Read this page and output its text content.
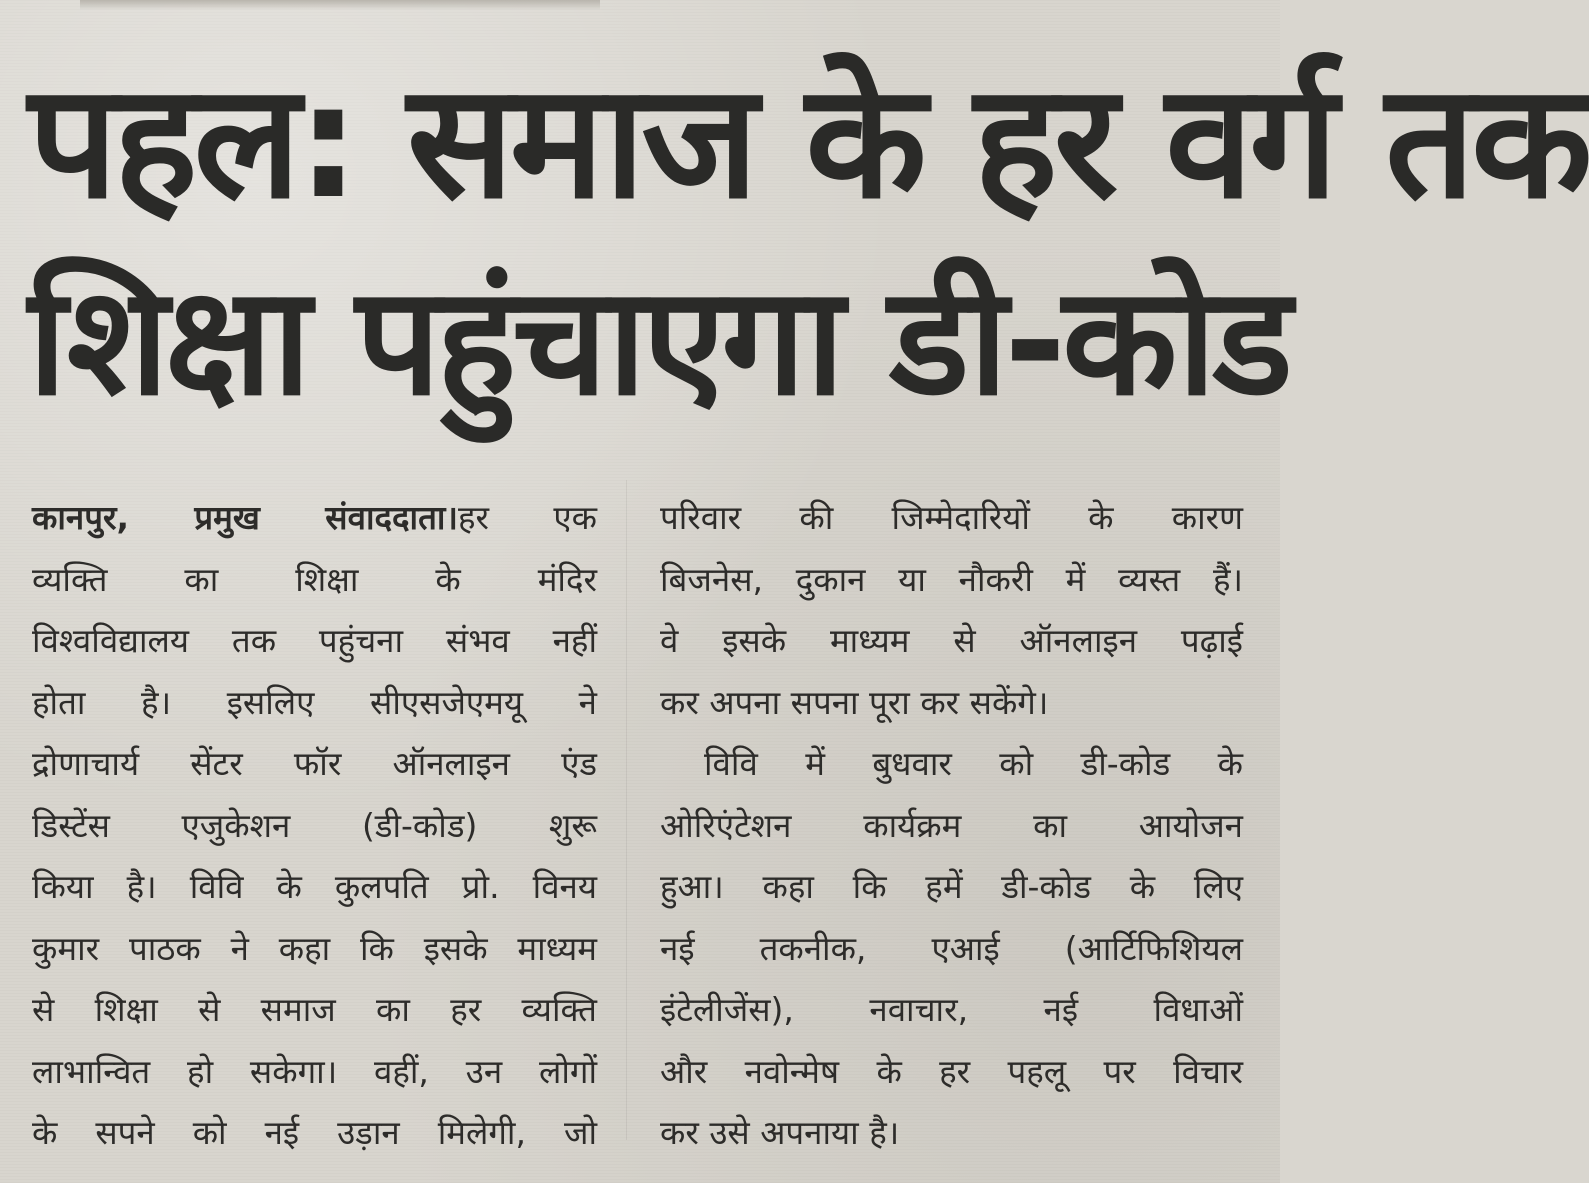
पहल: समाज के हर वर्ग तक
शिक्षा पहुंचाएगा डी-कोड
कानपुर, प्रमुख संवाददाता।हर एक
व्यक्ति का शिक्षा के मंदिर
विश्वविद्यालय तक पहुंचना संभव नहीं
होता है। इसलिए सीएसजेएमयू ने
द्रोणाचार्य सेंटर फॉर ऑनलाइन एंड
डिस्टेंस एजुकेशन (डी-कोड) शुरू
किया है। विवि के कुलपति प्रो. विनय
कुमार पाठक ने कहा कि इसके माध्यम
से शिक्षा से समाज का हर व्यक्ति
लाभान्वित हो सकेगा। वहीं, उन लोगों
के सपने को नई उड़ान मिलेगी, जो
परिवार की जिम्मेदारियों के कारण
बिजनेस, दुकान या नौकरी में व्यस्त हैं।
वे इसके माध्यम से ऑनलाइन पढ़ाई
कर अपना सपना पूरा कर सकेंगे।
विवि में बुधवार को डी-कोड के
ओरिएंटेशन कार्यक्रम का आयोजन
हुआ। कहा कि हमें डी-कोड के लिए
नई तकनीक, एआई (आर्टिफिशियल
इंटेलीजेंस), नवाचार, नई विधाओं
और नवोन्मेष के हर पहलू पर विचार
कर उसे अपनाया है।
